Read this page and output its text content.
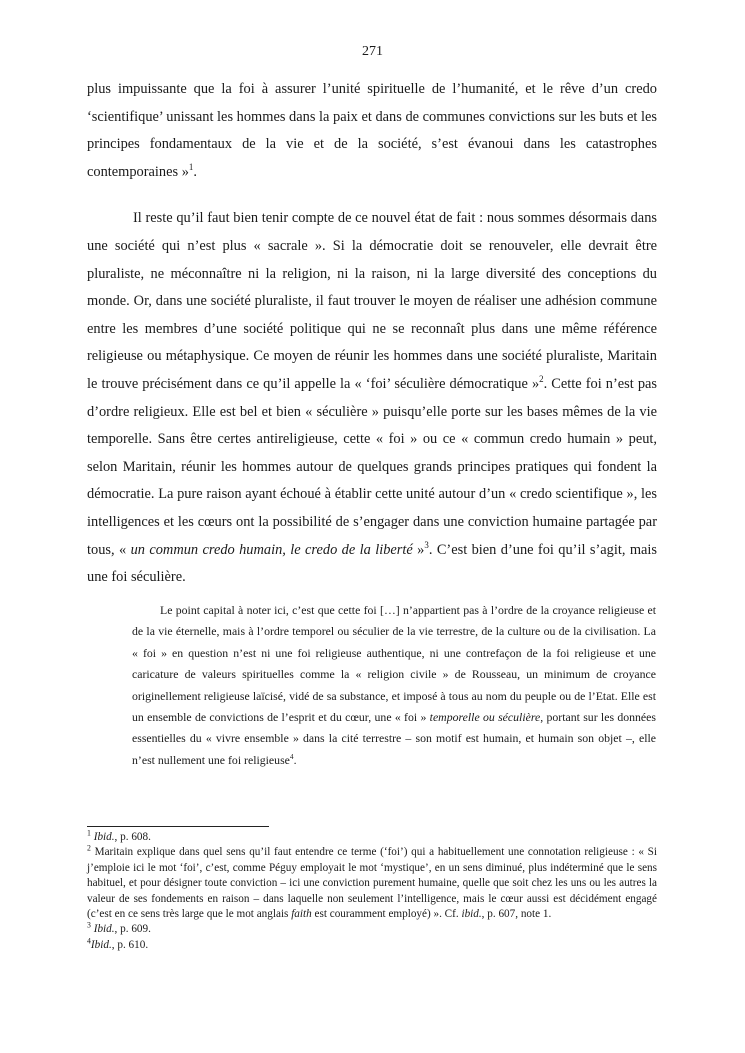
271

plus impuissante que la foi à assurer l’unité spirituelle de l’humanité, et le rêve d’un credo ‘scientifique’ unissant les hommes dans la paix et dans de communes convictions sur les buts et les principes fondamentaux de la vie et de la société, s’est évanoui dans les catastrophes contemporaines »$^1$.

Il reste qu’il faut bien tenir compte de ce nouvel état de fait : nous sommes désormais dans une société qui n’est plus « sacrale ». Si la démocratie doit se renouveler, elle devrait être pluraliste, ne méconnaître ni la religion, ni la raison, ni la large diversité des conceptions du monde. Or, dans une société pluraliste, il faut trouver le moyen de réaliser une adhésion commune entre les membres d’une société politique qui ne se reconnaît plus dans une même référence religieuse ou métaphysique. Ce moyen de réunir les hommes dans une société pluraliste, Maritain le trouve précisément dans ce qu’il appelle la « ‘foi’ séculière démocratique »$^2$. Cette foi n’est pas d’ordre religieux. Elle est bel et bien « séculière » puisqu’elle porte sur les bases mêmes de la vie temporelle. Sans être certes antireligieuse, cette « foi » ou ce « commun credo humain » peut, selon Maritain, réunir les hommes autour de quelques grands principes pratiques qui fondent la démocratie. La pure raison ayant échoué à établir cette unité autour d’un « credo scientifique », les intelligences et les cœurs ont la possibilité de s’engager dans une conviction humaine partagée par tous, « un commun credo humain, le credo de la liberté »$^3$. C’est bien d’une foi qu’il s’agit, mais une foi séculière.

Le point capital à noter ici, c’est que cette foi […] n’appartient pas à l’ordre de la croyance religieuse et de la vie éternelle, mais à l’ordre temporel ou séculier de la vie terrestre, de la culture ou de la civilisation. La « foi » en question n’est ni une foi religieuse authentique, ni une contrefaçon de la foi religieuse et une caricature de valeurs spirituelles comme la « religion civile » de Rousseau, un minimum de croyance originellement religieuse laïcisé, vidé de sa substance, et imposé à tous au nom du peuple ou de l’Etat. Elle est un ensemble de convictions de l’esprit et du cœur, une « foi » temporelle ou séculière, portant sur les données essentielles du « vivre ensemble » dans la cité terrestre – son motif est humain, et humain son objet –, elle n’est nullement une foi religieuse$^4$.

$^1$ Ibid., p. 608.

$^2$ Maritain explique dans quel sens qu’il faut entendre ce terme (‘foi’) qui a habituellement une connotation religieuse : « Si j’emploie ici le mot ‘foi’, c’est, comme Péguy employait le mot ‘mystique’, en un sens diminué, plus indéterminé que le sens habituel, et pour désigner toute conviction – ici une conviction purement humaine, quelle que soit chez les uns ou les autres la valeur de ses fondements en raison – dans laquelle non seulement l’intelligence, mais le cœur aussi est décidément engagé (c’est en ce sens très large que le mot anglais faith est couramment employé) ». Cf. ibid., p. 607, note 1.

$^3$ Ibid., p. 609.

$^4$Ibid., p. 610.
